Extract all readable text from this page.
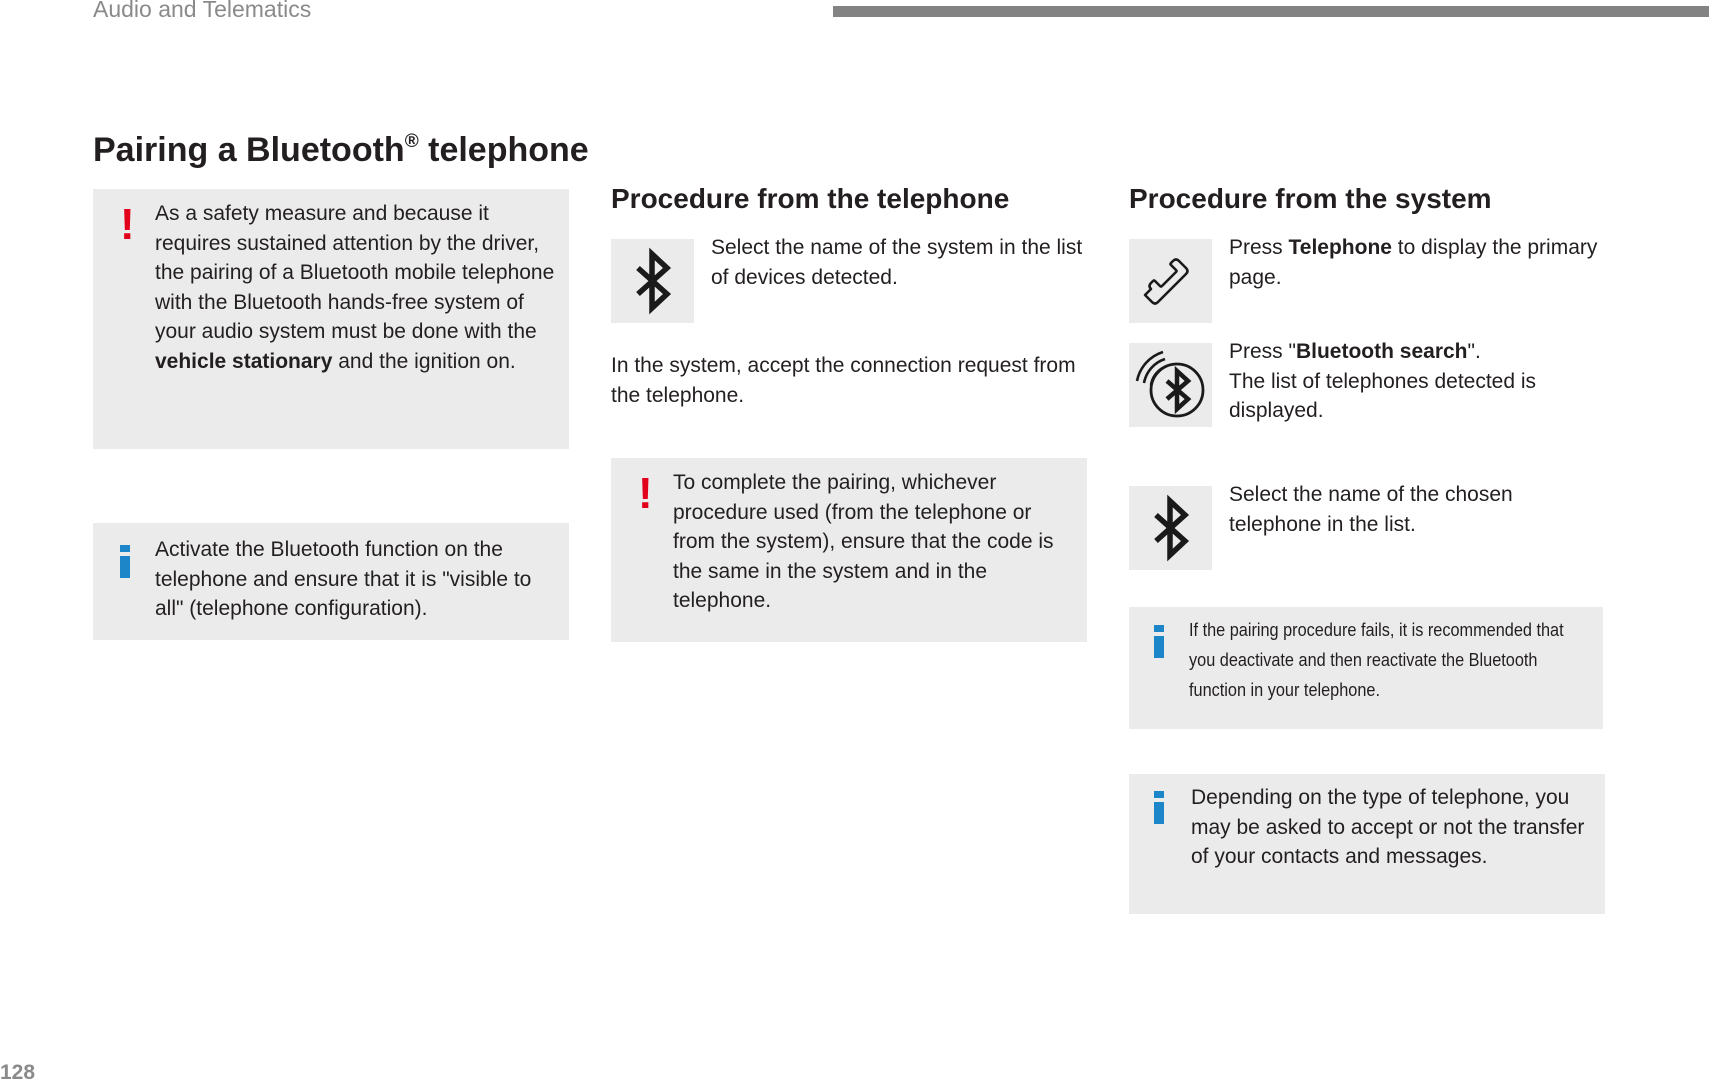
Audio and Telematics
128
Pairing a Bluetooth® telephone
! As a safety measure and because it requires sustained attention by the driver, the pairing of a Bluetooth mobile telephone with the Bluetooth hands-free system of your audio system must be done with the vehicle stationary and the ignition on.
Activate the Bluetooth function on the telephone and ensure that it is "visible to all" (telephone configuration).
Procedure from the telephone
Select the name of the system in the list of devices detected.
In the system, accept the connection request from the telephone.
! To complete the pairing, whichever procedure used (from the telephone or from the system), ensure that the code is the same in the system and in the telephone.
Procedure from the system
Press Telephone to display the primary page.
Press "Bluetooth search".
The list of telephones detected is displayed.
Select the name of the chosen telephone in the list.
If the pairing procedure fails, it is recommended that you deactivate and then reactivate the Bluetooth function in your telephone.
Depending on the type of telephone, you may be asked to accept or not the transfer of your contacts and messages.
